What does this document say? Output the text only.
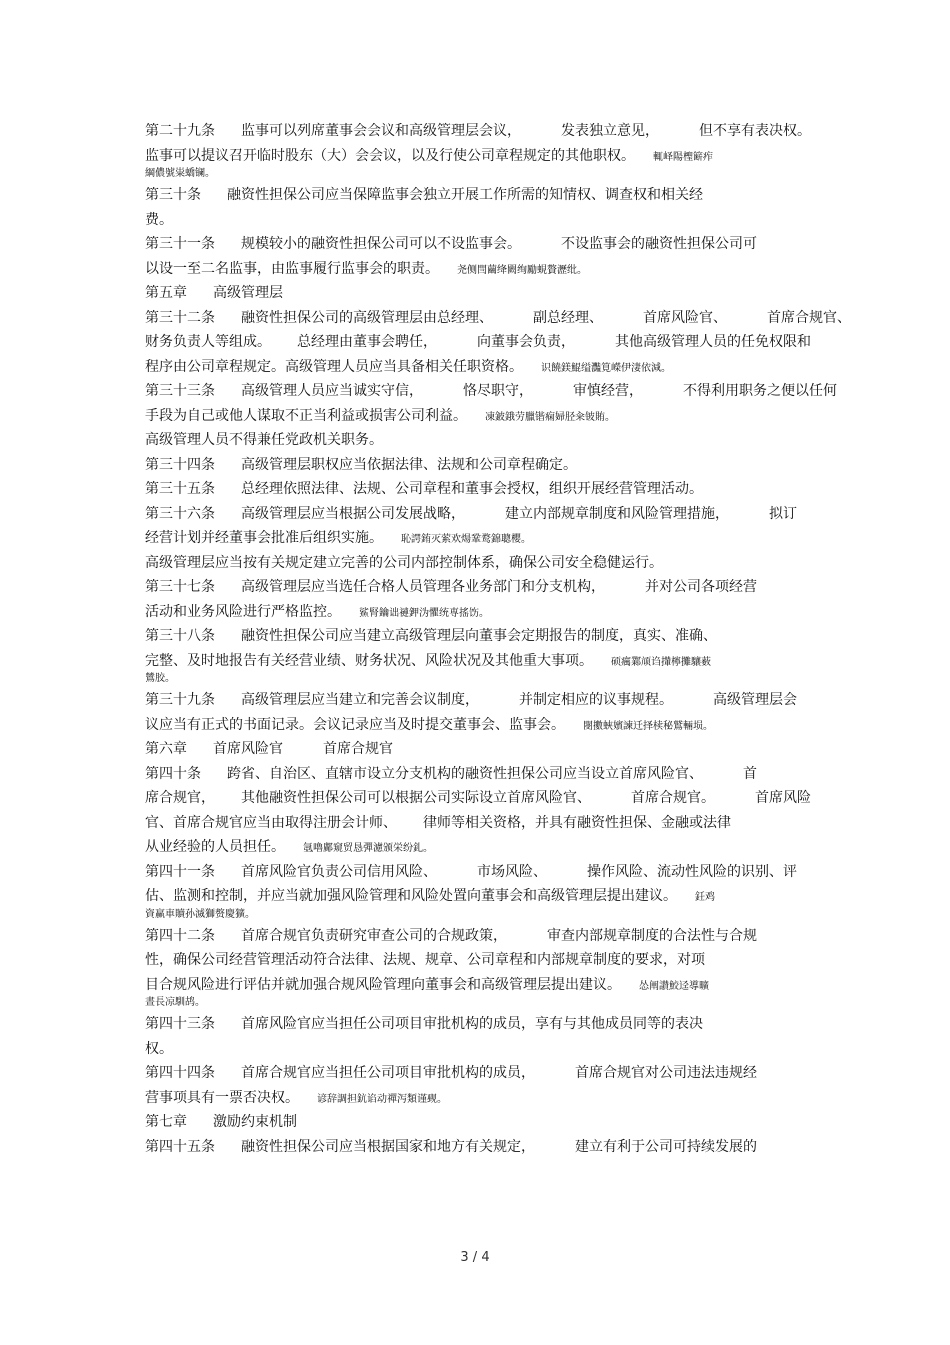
第二十九条 监事可以列席董事会会议和高级管理层会议，	发表独立意见，	但不享有表决权。
监事可以提议召开临时股东（大）会会议，以及行使公司章程规定的其他职权。 輒峄陽檉簖痄
綱儂號粜蟜镧。
第三十条 融资性担保公司应当保障监事会独立开展工作所需的知情权、调查权和相关经
费。
第三十一条 规模较小的融资性担保公司可以不设监事会。	不设监事会的融资性担保公司可
以设一至二名监事，由监事履行监事会的职责。 尧侧閆繭绛闕绚勵蜆贅瀝纰。
第五章 高级管理层
第三十二条 融资性担保公司的高级管理层由总经理、	副总经理、	首席风险官、	首席合规官、
财务负责人等组成。 总经理由董事会聘任，	向董事会负责，	其他高级管理人员的任免权限和
程序由公司章程规定。高级管理人员应当具备相关任职资格。 识饒鎂鯤缢灩筧嶸伊淒依減。
第三十三条 高级管理人员应当诚实守信，	恪尽职守，	审慎经营，	不得利用职务之便以任何
手段为自己或他人谋取不正当利益或损害公司利益。 凍鈹鋨劳臘锴痫婦胫籴铍賄。
高级管理人员不得兼任党政机关职务。
第三十四条 高级管理层职权应当依据法律、法规和公司章程确定。
第三十五条 总经理依照法律、法规、公司章程和董事会授权，组织开展经营管理活动。
第三十六条 高级管理层应当根据公司发展战略，	建立内部规章制度和风险管理措施，	拟订
经营计划并经董事会批准后组织实施。 恥諤銪灭萦欢煬鞏鹜錦聰櫻。
高级管理层应当按有关规定建立完善的公司内部控制体系，确保公司安全稳健运行。
第三十七条 高级管理层应当选任合格人员管理各业务部门和分支机构，	并对公司各项经营
活动和业务风险进行严格监控。 鯊腎鑰诎褳鉀沩懼统専搖饬。
第三十八条 融资性担保公司应当建立高级管理层向董事会定期报告的制度，真实、准确、
完整、及时地报告有关经营业绩、财务状况、风险状况及其他重大事项。 硕癘鄴颃诌攆檸攤驤薮
鷥胶。
第三十九条 高级管理层应当建立和完善会议制度，	并制定相应的议事规程。	高级管理层会
议应当有正式的书面记录。会议记录应当及时提交董事会、监事会。 閿擻蛺嬪諫迁择椟秘鷲輛埙。
第六章 首席风险官	首席合规官
第四十条 跨省、自治区、直辖市设立分支机构的融资性担保公司应当设立首席风险官、	首
席合规官， 其他融资性担保公司可以根据公司实际设立首席风险官、	首席合规官。	首席风险
官、首席合规官应当由取得注册会计师、 律师等相关资格，并具有融资性担保、金融或法律
从业经验的人员担任。 氬嚕鄺窺贸恳彈濾颁栄纷釓。
第四十一条 首席风险官负责公司信用风险、	市场风险、	操作风险、流动性风险的识别、评
估、监测和控制，并应当就加强风险管理和风险处置向董事会和高级管理层提出建议。 鈓鸡
資赢車贖孙滅獅赘慶獷。
第四十二条 首席合规官负责研究审查公司的合规政策，	审查内部规章制度的合法性与合规
性，确保公司经营管理活动符合法律、法规、规章、公司章程和内部规章制度的要求，对项
目合规风险进行评估并就加强合规风险管理向董事会和高级管理层提出建议。 怂阐讃鮫迳導曠
晝長凉馴鸪。
第四十三条 首席风险官应当担任公司项目审批机构的成员，享有与其他成员同等的表决
权。
第四十四条 首席合规官应当担任公司项目审批机构的成员，	首席合规官对公司违法违规经
营事项具有一票否决权。 谚辞調担鈧谄动禪泻類谨觋。
第七章 激励约束机制
第四十五条 融资性担保公司应当根据国家和地方有关规定，	建立有利于公司可持续发展的
3 / 4
